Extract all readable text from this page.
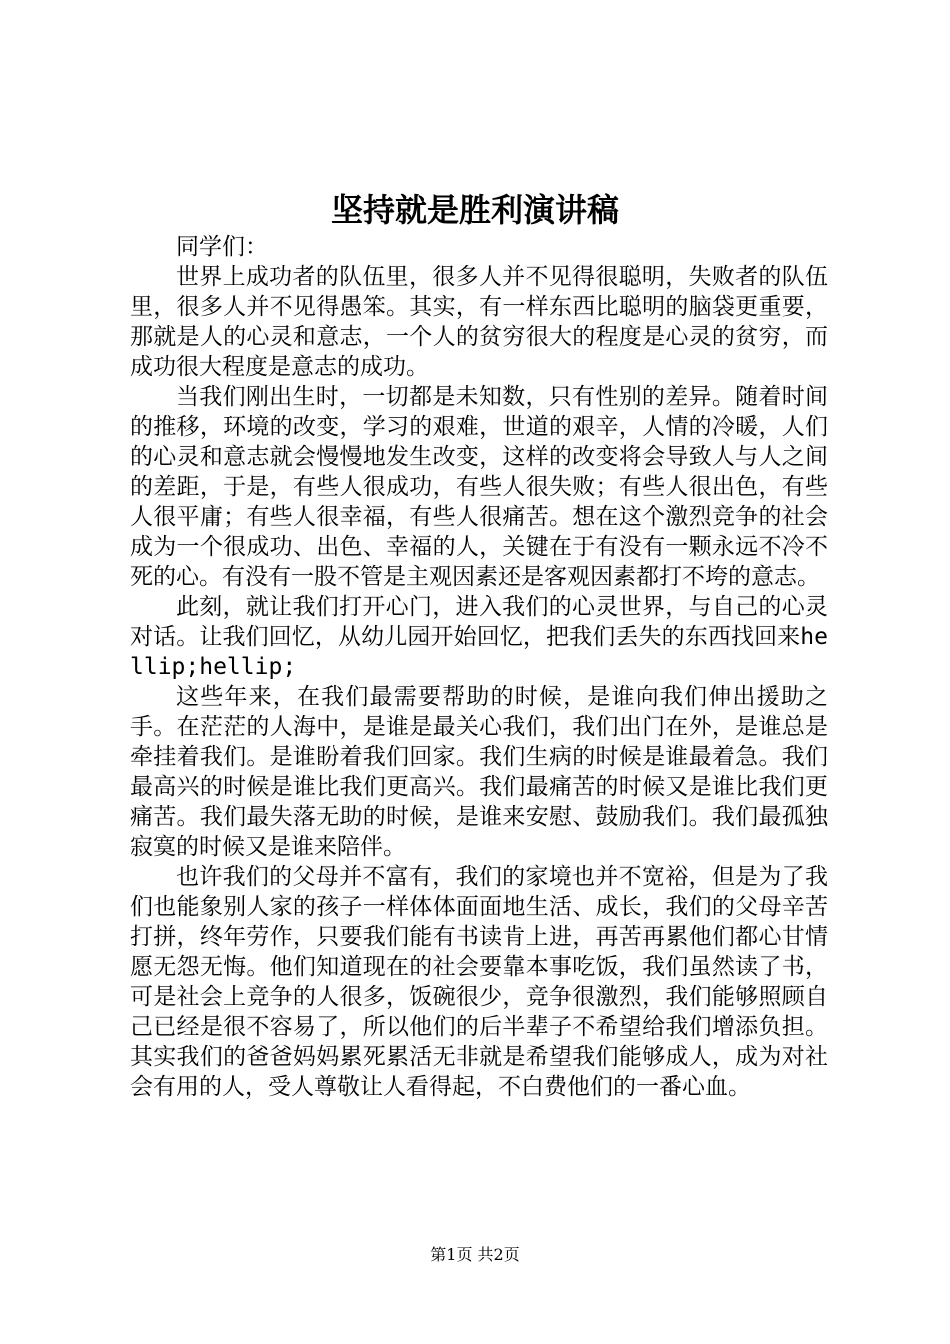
坚持就是胜利演讲稿

同学们：

世界上成功者的队伍里，很多人并不见得很聪明，失败者的队伍里，很多人并不见得愚笨。其实，有一样东西比聪明的脑袋更重要，那就是人的心灵和意志，一个人的贫穷很大的程度是心灵的贫穷，而成功很大程度是意志的成功。

当我们刚出生时，一切都是未知数，只有性别的差异。随着时间的推移，环境的改变，学习的艰难，世道的艰辛，人情的冷暖，人们的心灵和意志就会慢慢地发生改变，这样的改变将会导致人与人之间的差距，于是，有些人很成功，有些人很失败；有些人很出色，有些人很平庸；有些人很幸福，有些人很痛苦。想在这个激烈竞争的社会成为一个很成功、出色、幸福的人，关键在于有没有一颗永远不冷不死的心。有没有一股不管是主观因素还是客观因素都打不垮的意志。

此刻，就让我们打开心门，进入我们的心灵世界，与自己的心灵对话。让我们回忆，从幼儿园开始回忆，把我们丢失的东西找回来hellip;hellip;

这些年来，在我们最需要帮助的时候，是谁向我们伸出援助之手。在茫茫的人海中，是谁是最关心我们，我们出门在外，是谁总是牵挂着我们。是谁盼着我们回家。我们生病的时候是谁最着急。我们最高兴的时候是谁比我们更高兴。我们最痛苦的时候又是谁比我们更痛苦。我们最失落无助的时候，是谁来安慰、鼓励我们。我们最孤独寂寞的时候又是谁来陪伴。

也许我们的父母并不富有，我们的家境也并不宽裕，但是为了我们也能象别人家的孩子一样体体面面地生活、成长，我们的父母辛苦打拼，终年劳作，只要我们能有书读肯上进，再苦再累他们都心甘情愿无怨无悔。他们知道现在的社会要靠本事吃饭，我们虽然读了书，可是社会上竞争的人很多，饭碗很少，竞争很激烈，我们能够照顾自己已经是很不容易了，所以他们的后半辈子不希望给我们增添负担。其实我们的爸爸妈妈累死累活无非就是希望我们能够成人，成为对社会有用的人，受人尊敬让人看得起，不白费他们的一番心血。

第1页 共2页
